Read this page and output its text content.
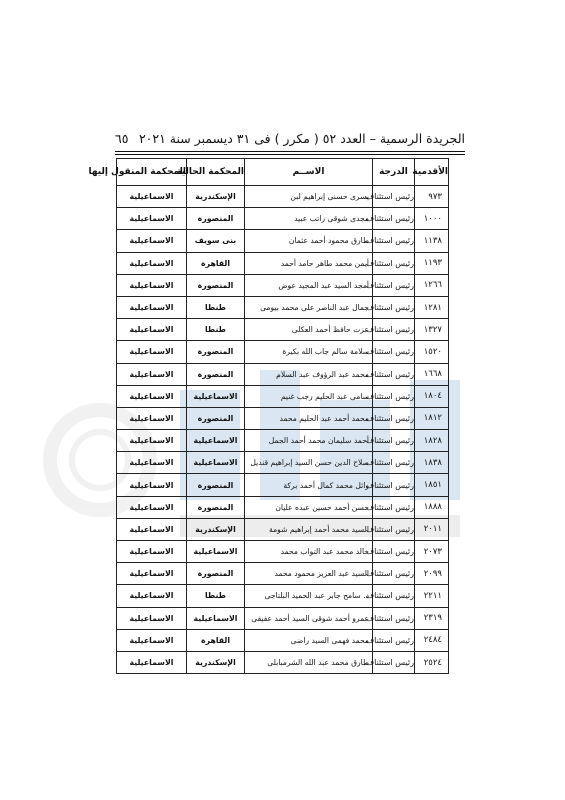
الجريدة الرسمية – العدد ٥٢ ( مكرر ) فى ٣١ ديسمبر سنة ٢٠٢١
٦٥
الأقدمية	الدرجة	الاســم	المحكمة الحالية	المحكمة المنقول إليها
٩٧٣	رئيس استئناف	يسرى حسنى إبراهيم لبن	الإسكندرية	الاسماعيلية
١٠٠٠	رئيس استئناف	مجدى شوقى راتب عبيد	المنصورة	الاسماعيلية
١١٣٨	رئيس استئناف	طارق محمود أحمد عثمان	بنى سويف	الاسماعيلية
١١٩٣	رئيس استئناف	أيمن محمد طاهر حامد أحمد	القاهرة	الاسماعيلية
١٢٦٦	رئيس استئناف	أمجد السيد عبد المجيد عوض	المنصورة	الاسماعيلية
١٢٨١	رئيس استئناف	جمال عبد الناصر على محمد بيومى	طنطا	الاسماعيلية
١٣٢٧	رئيس استئناف	عزت حافظ أحمد العكلى	طنطا	الاسماعيلية
١٥٢٠	رئيس استئناف	سلامة سالم جاب الله بكيرة	المنصورة	الاسماعيلية
١٦٦٨	رئيس استئناف	محمد عبد الرؤوف عبد السلام	المنصورة	الاسماعيلية
١٨٠٤	رئيس استئناف	سامى عبد الحليم رجب غنيم	الاسماعيلية	الاسماعيلية
١٨١٢	رئيس استئناف	محمد أحمد عبد الحليم محمد	المنصورة	الاسماعيلية
١٨٢٨	رئيس استئناف	أحمد سليمان محمد أحمد الجمل	الاسماعيلية	الاسماعيلية
١٨٣٨	رئيس استئناف	صلاح الدين حسن السيد إبراهيم قنديل	الاسماعيلية	الاسماعيلية
١٨٥١	رئيس استئناف	وائل محمد كمال أحمد بركة	المنصورة	الاسماعيلية
١٨٨٨	رئيس استئناف	حسن أحمد حسين عبده عليان	المنصورة	الاسماعيلية
٢٠١١	رئيس استئناف	السيد محمد أحمد إبراهيم شومة	الإسكندرية	الاسماعيلية
٢٠٧٣	رئيس استئناف	خالد محمد عبد التواب محمد	الاسماعيلية	الاسماعيلية
٢٠٩٩	رئيس استئناف	السيد عبد العزيز محمود محمد	المنصورة	الاسماعيلية
٢٢١١	رئيس استئناف	د. سامح جابر عبد الحميد البلتاجى	طنطا	الاسماعيلية
٢٣١٩	رئيس استئناف	عمرو أحمد شوقى السيد أحمد عفيفى	الاسماعيلية	الاسماعيلية
٢٤٨٤	رئيس استئناف	محمد فهمى السيد راضى	القاهرة	الاسماعيلية
٢٥٢٤	رئيس استئناف	طارق محمد عبد الله الشرمبابلى	الإسكندرية	الاسماعيلية
